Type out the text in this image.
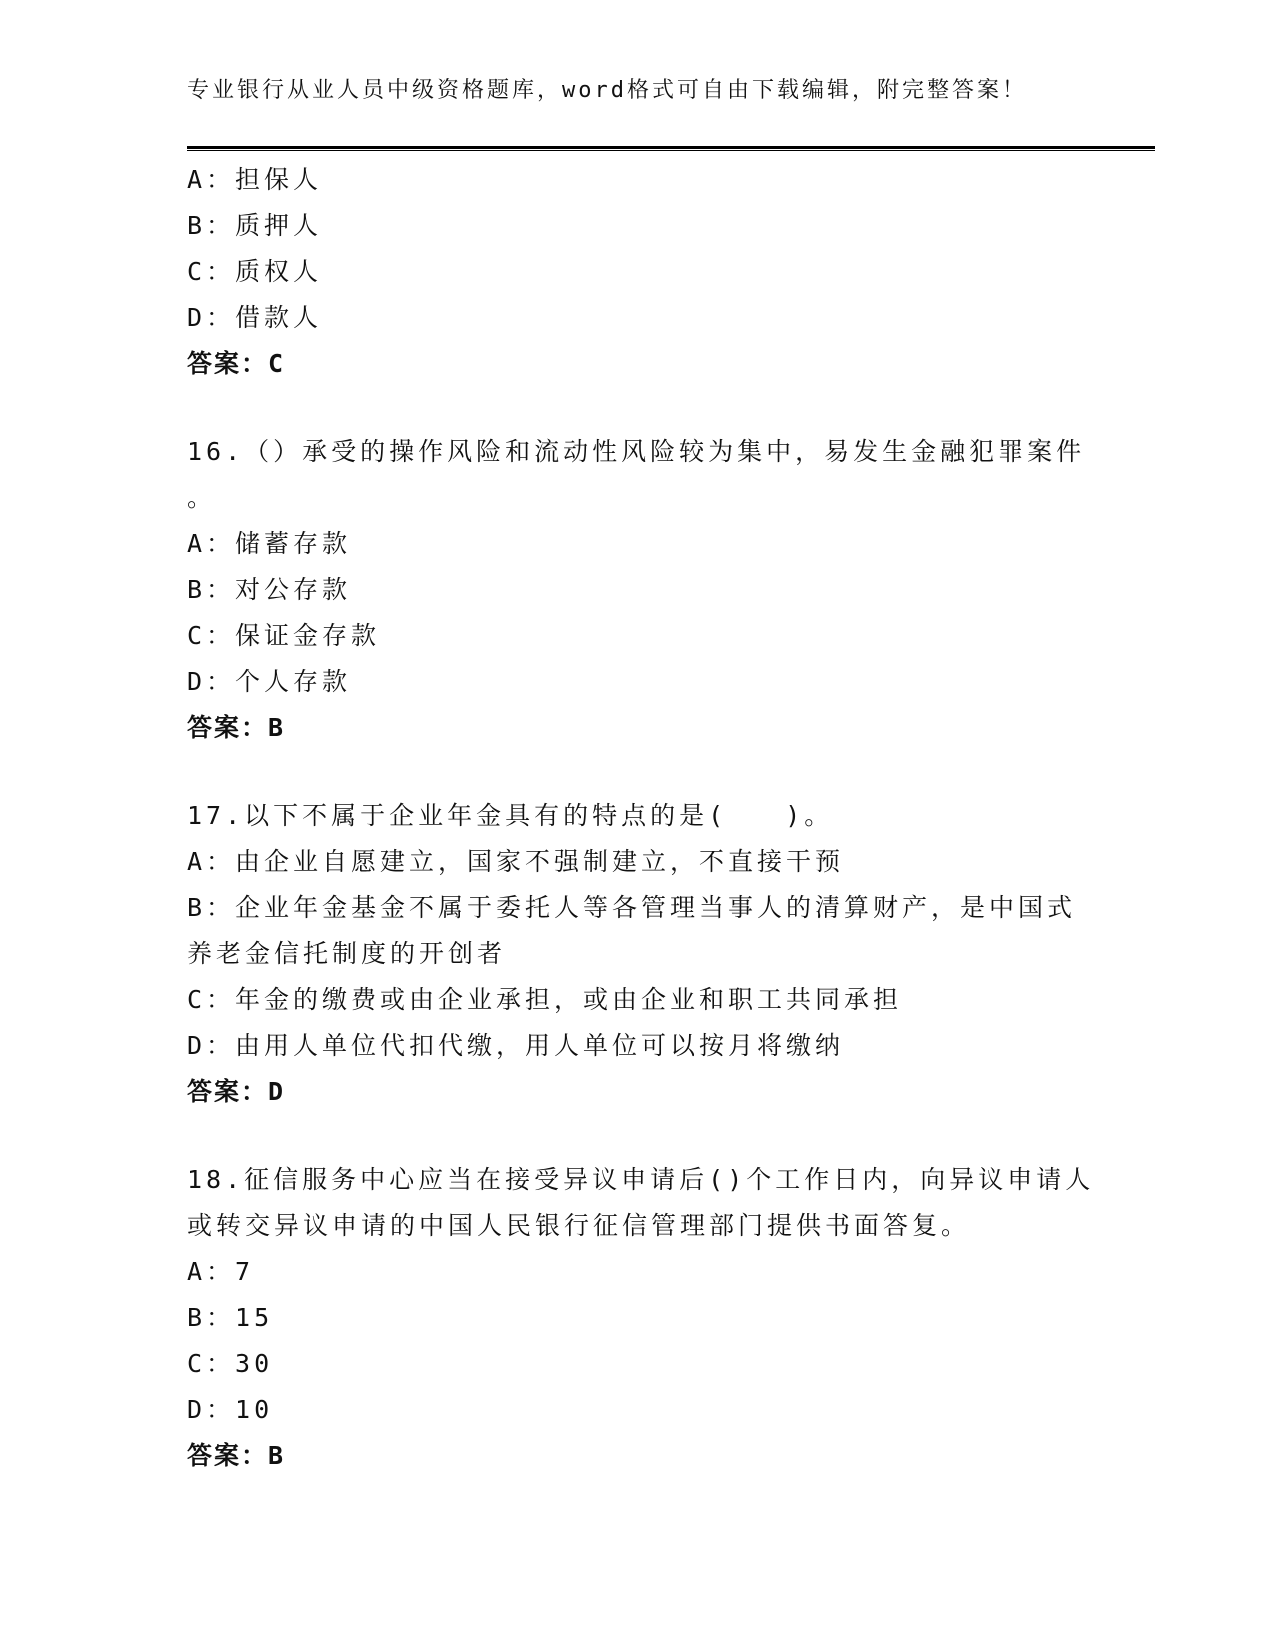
专业银行从业人员中级资格题库，word格式可自由下载编辑，附完整答案！
A：担保人
B：质押人
C：质权人
D：借款人
答案：C
16.（）承受的操作风险和流动性风险较为集中，易发生金融犯罪案件
。
A：储蓄存款
B：对公存款
C：保证金存款
D：个人存款
答案：B
17.以下不属于企业年金具有的特点的是(　　)。
A：由企业自愿建立，国家不强制建立，不直接干预
B：企业年金基金不属于委托人等各管理当事人的清算财产，是中国式
养老金信托制度的开创者
C：年金的缴费或由企业承担，或由企业和职工共同承担
D：由用人单位代扣代缴，用人单位可以按月将缴纳
答案：D
18.征信服务中心应当在接受异议申请后()个工作日内，向异议申请人
或转交异议申请的中国人民银行征信管理部门提供书面答复。
A：7
B：15
C：30
D：10
答案：B
